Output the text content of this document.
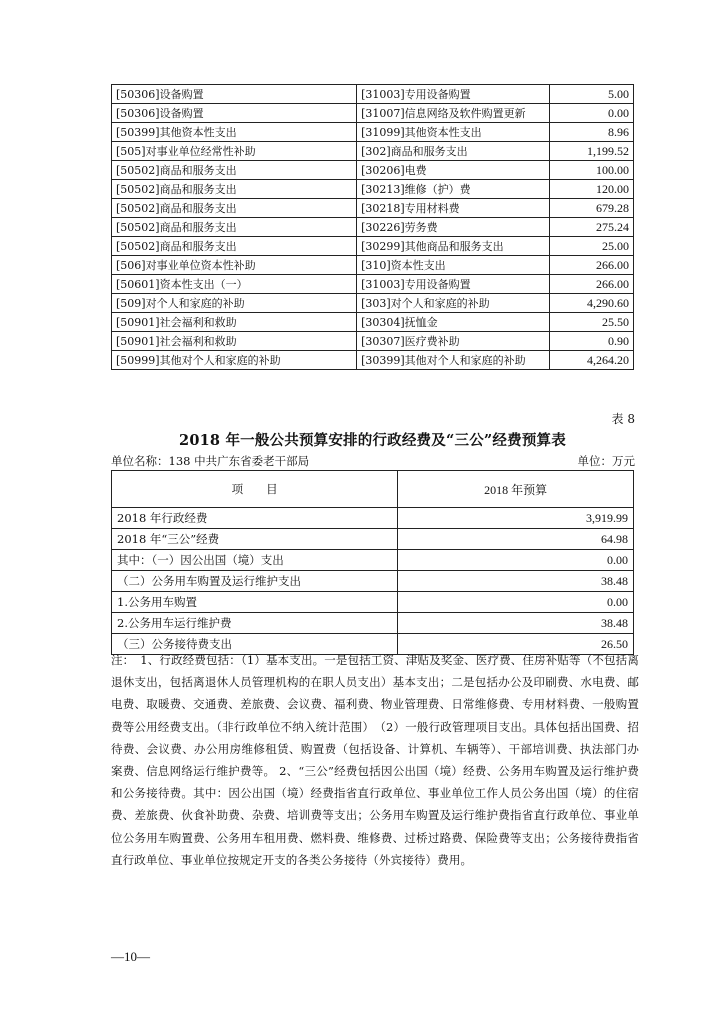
[50306]设备购置	[31003]专用设备购置	5.00
[50306]设备购置	[31007]信息网络及软件购置更新	0.00
[50399]其他资本性支出	[31099]其他资本性支出	8.96
[505]对事业单位经常性补助	[302]商品和服务支出	1,199.52
[50502]商品和服务支出	[30206]电费	100.00
[50502]商品和服务支出	[30213]维修（护）费	120.00
[50502]商品和服务支出	[30218]专用材料费	679.28
[50502]商品和服务支出	[30226]劳务费	275.24
[50502]商品和服务支出	[30299]其他商品和服务支出	25.00
[506]对事业单位资本性补助	[310]资本性支出	266.00
[50601]资本性支出（一）	[31003]专用设备购置	266.00
[509]对个人和家庭的补助	[303]对个人和家庭的补助	4,290.60
[50901]社会福利和救助	[30304]抚恤金	25.50
[50901]社会福利和救助	[30307]医疗费补助	0.90
[50999]其他对个人和家庭的补助	[30399]其他对个人和家庭的补助	4,264.20
表 8
2018 年一般公共预算安排的行政经费及“三公”经费预算表
单位名称：138 中共广东省委老干部局	单位：万元
项　　目	2018 年预算
2018 年行政经费	3,919.99
2018 年“三公”经费	64.98
其中：（一）因公出国（境）支出	0.00
（二）公务用车购置及运行维护支出	38.48
1.公务用车购置	0.00
2.公务用车运行维护费	38.48
（三）公务接待费支出	26.50
注：　1、行政经费包括：（1）基本支出。一是包括工资、津贴及奖金、医疗费、住房补贴等（不包括离退休支出，包括离退休人员管理机构的在职人员支出）基本支出；二是包括办公及印刷费、水电费、邮电费、取暖费、交通费、差旅费、会议费、福利费、物业管理费、日常维修费、专用材料费、一般购置费等公用经费支出。（非行政单位不纳入统计范围）　（2）一般行政管理项目支出。具体包括出国费、招待费、会议费、办公用房维修租赁、购置费（包括设备、计算机、车辆等）、干部培训费、执法部门办案费、信息网络运行维护费等。 2、“三公”经费包括因公出国（境）经费、公务用车购置及运行维护费和公务接待费。其中：因公出国（境）经费指省直行政单位、事业单位工作人员公务出国（境）的住宿费、差旅费、伙食补助费、杂费、培训费等支出；公务用车购置及运行维护费指省直行政单位、事业单位公务用车购置费、公务用车租用费、燃料费、维修费、过桥过路费、保险费等支出；公务接待费指省直行政单位、事业单位按规定开支的各类公务接待（外宾接待）费用。
—10—
